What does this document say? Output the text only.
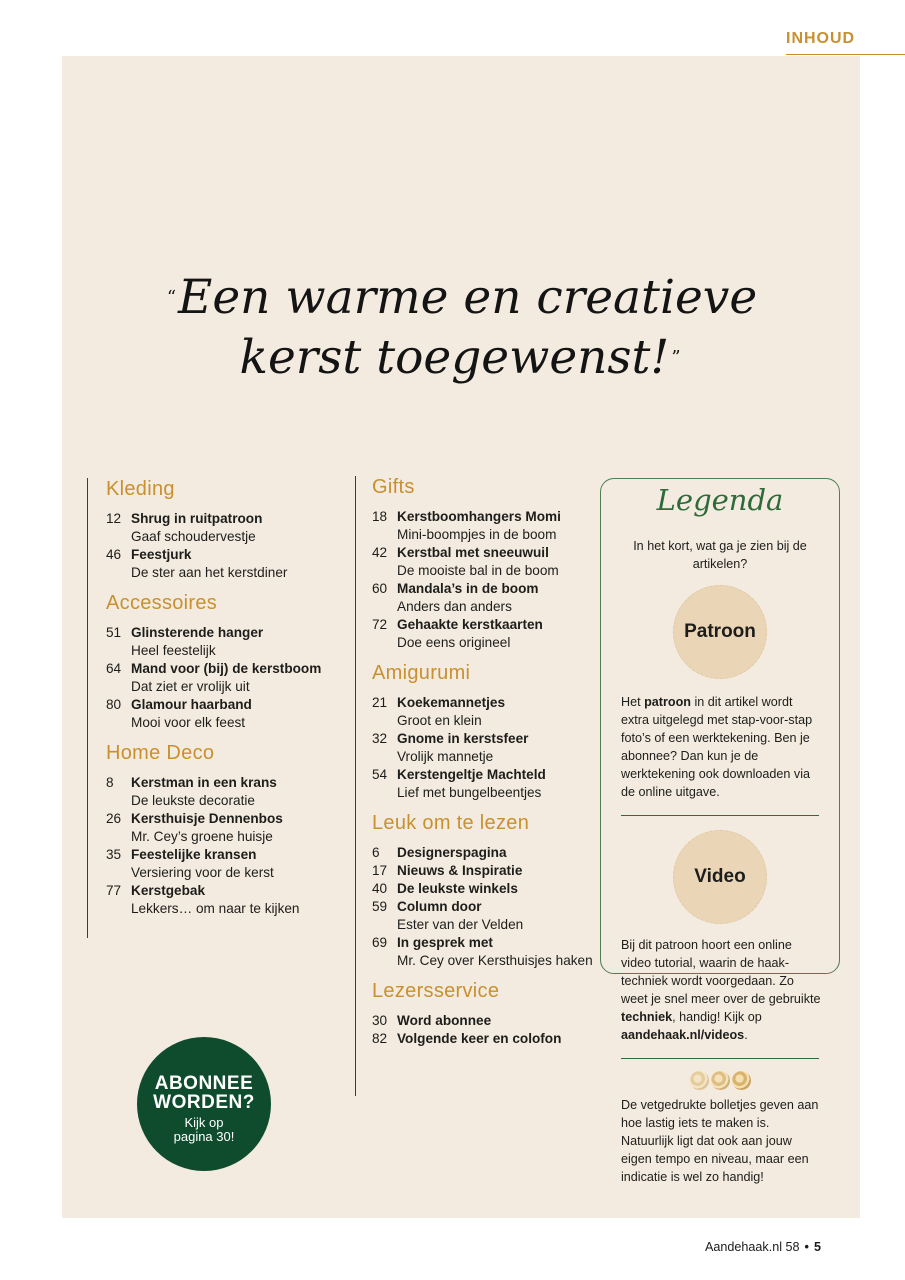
INHOUD
“Een warme en creatieve
kerst toegewenst! ”
Kleding
12 Shrug in ruitpatroon
Gaaf schoudervestje
46 Feestjurk
De ster aan het kerstdiner
Accessoires
51 Glinsterende hanger
Heel feestelijk
64 Mand voor (bij) de kerstboom
Dat ziet er vrolijk uit
80 Glamour haarband
Mooi voor elk feest
Home Deco
8	Kerstman in een krans
De leukste decoratie
26 Kersthuisje Dennenbos
Mr. Cey’s groene huisje
35 Feestelijke kransen
Versiering voor de kerst
77 Kerstgebak
Lekkers… om naar te kijken
Gifts
18 Kerstboomhangers Momi
Mini-boompjes in de boom
42 Kerstbal met sneeuwuil
De mooiste bal in de boom
60 Mandala’s in de boom
Anders dan anders
72 Gehaakte kerstkaarten
Doe eens origineel
Amigurumi
21 Koekemannetjes
Groot en klein
32 Gnome in kerstsfeer
Vrolijk mannetje
54 Kerstengeltje Machteld
Lief met bungelbeentjes
Leuk om te lezen
6	Designerspagina
17 Nieuws & Inspiratie
40 De leukste winkels
59 Column door
Ester van der Velden
69 In gesprek met
Mr. Cey over Kersthuisjes haken
Lezersservice
30 Word abonnee
82 Volgende keer en colofon
Legenda
In het kort, wat ga je zien bij de artikelen?
Patroon
Het patroon in dit artikel wordt extra uitgelegd met stap-voor-stap foto’s of een werktekening. Ben je abonnee? Dan kun je de werktekening ook downloaden via de online uitgave.
Video
Bij dit patroon hoort een online video tutorial, waarin de haak-techniek wordt voorgedaan. Zo weet je snel meer over de gebruikte techniek, handig! Kijk op aandehaak.nl/videos.
De vetgedrukte bolletjes geven aan hoe lastig iets te maken is. Natuurlijk ligt dat ook aan jouw eigen tempo en niveau, maar een indicatie is wel zo handig!
ABONNEE
WORDEN?
Kijk op
pagina 30!
Aandehaak.nl 58 • 5
